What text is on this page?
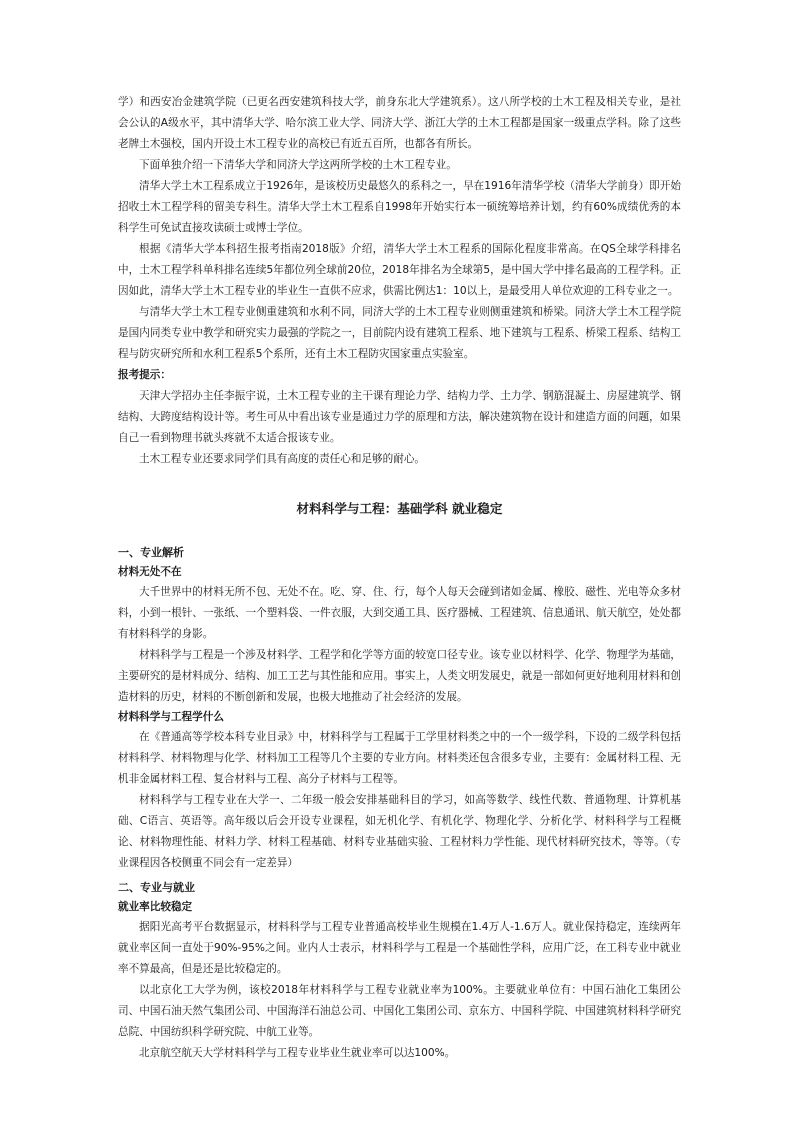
学）和西安冶金建筑学院（已更名西安建筑科技大学，前身东北大学建筑系）。这八所学校的土木工程及相关专业，是社会公认的A级水平，其中清华大学、哈尔滨工业大学、同济大学、浙江大学的土木工程都是国家一级重点学科。除了这些老牌土木强校，国内开设土木工程专业的高校已有近五百所，也都各有所长。

下面单独介绍一下清华大学和同济大学这两所学校的土木工程专业。

清华大学土木工程系成立于1926年，是该校历史最悠久的系科之一，早在1916年清华学校（清华大学前身）即开始招收土木工程学科的留美专科生。清华大学土木工程系自1998年开始实行本一硕统筹培养计划，约有60%成绩优秀的本科学生可免试直接攻读硕士或博士学位。

根据《清华大学本科招生报考指南2018版》介绍，清华大学土木工程系的国际化程度非常高。在QS全球学科排名中，土木工程学科单科排名连续5年都位列全球前20位，2018年排名为全球第5，是中国大学中排名最高的工程学科。正因如此，清华大学土木工程专业的毕业生一直供不应求，供需比例达1：10以上，是最受用人单位欢迎的工科专业之一。

与清华大学土木工程专业侧重建筑和水利不同，同济大学的土木工程专业则侧重建筑和桥梁。同济大学土木工程学院是国内同类专业中教学和研究实力最强的学院之一，目前院内设有建筑工程系、地下建筑与工程系、桥梁工程系、结构工程与防灾研究所和水利工程系5个系所，还有土木工程防灾国家重点实验室。

报考提示：

天津大学招办主任李振宇说，土木工程专业的主干课有理论力学、结构力学、土力学、钢筋混凝土、房屋建筑学、钢结构、大跨度结构设计等。考生可从中看出该专业是通过力学的原理和方法，解决建筑物在设计和建造方面的问题，如果自己一看到物理书就头疼就不太适合报该专业。

土木工程专业还要求同学们具有高度的责任心和足够的耐心。

材料科学与工程：基础学科 就业稳定
一、专业解析
材料无处不在

大千世界中的材料无所不包、无处不在。吃、穿、住、行，每个人每天会碰到诸如金属、橡胶、磁性、光电等众多材料，小到一根针、一张纸、一个塑料袋、一件衣服，大到交通工具、医疗器械、工程建筑、信息通讯、航天航空，处处都有材料科学的身影。

材料科学与工程是一个涉及材料学、工程学和化学等方面的较宽口径专业。该专业以材料学、化学、物理学为基础，主要研究的是材料成分、结构、加工工艺与其性能和应用。事实上，人类文明发展史，就是一部如何更好地利用材料和创造材料的历史，材料的不断创新和发展，也极大地推动了社会经济的发展。

材料科学与工程学什么

在《普通高等学校本科专业目录》中，材料科学与工程属于工学里材料类之中的一个一级学科，下设的二级学科包括材料科学、材料物理与化学、材料加工工程等几个主要的专业方向。材料类还包含很多专业，主要有：金属材料工程、无机非金属材料工程、复合材料与工程、高分子材料与工程等。

材料科学与工程专业在大学一、二年级一般会安排基础科目的学习，如高等数学、线性代数、普通物理、计算机基础、C语言、英语等。高年级以后会开设专业课程，如无机化学、有机化学、物理化学、分析化学、材料科学与工程概论、材料物理性能、材料力学、材料工程基础、材料专业基础实验、工程材料力学性能、现代材料研究技术，等等。（专业课程因各校侧重不同会有一定差异）

二、专业与就业
就业率比较稳定

据阳光高考平台数据显示，材料科学与工程专业普通高校毕业生规模在1.4万人-1.6万人。就业保持稳定，连续两年就业率区间一直处于90%-95%之间。业内人士表示，材料科学与工程是一个基础性学科，应用广泛，在工科专业中就业率不算最高，但是还是比较稳定的。

以北京化工大学为例，该校2018年材料科学与工程专业就业率为100%。主要就业单位有：中国石油化工集团公司、中国石油天然气集团公司、中国海洋石油总公司、中国化工集团公司、京东方、中国科学院、中国建筑材料科学研究总院、中国纺织科学研究院、中航工业等。

北京航空航天大学材料科学与工程专业毕业生就业率可以达100%。
